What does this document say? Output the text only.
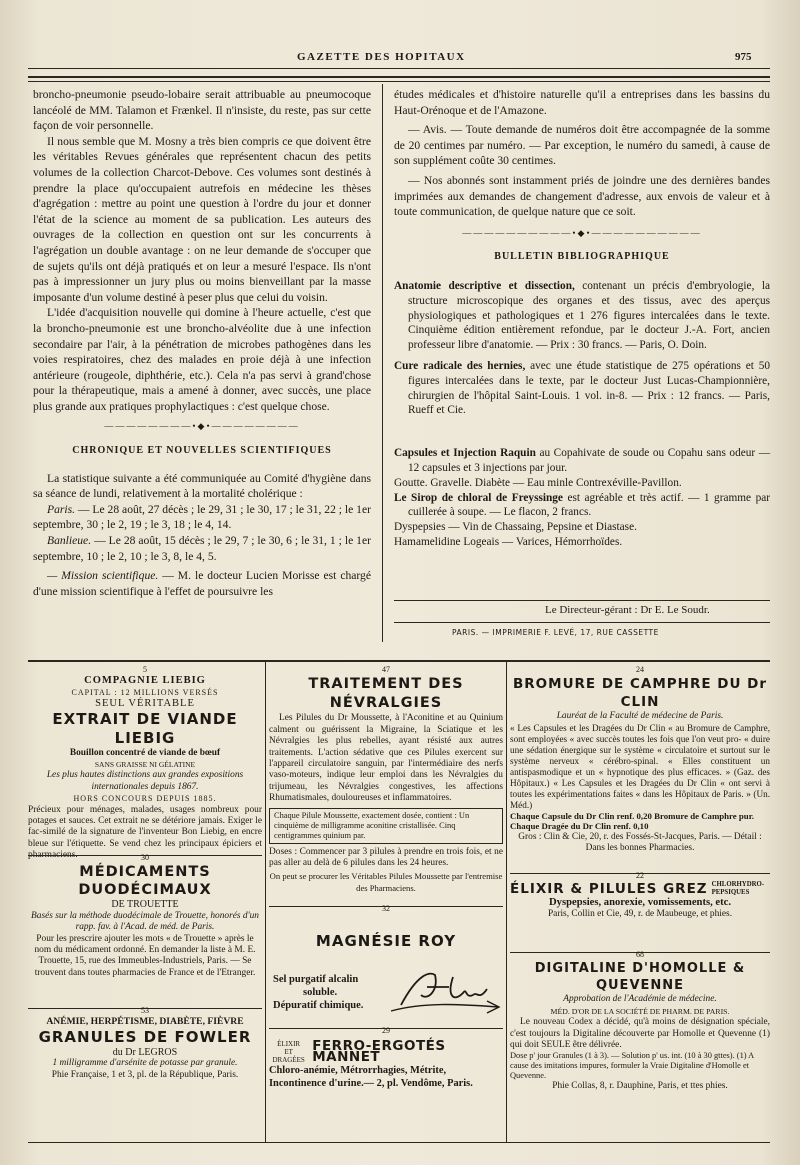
GAZETTE DES HOPITAUX	975

broncho-pneumonie pseudo-lobaire serait attribuable au pneumocoque lancéolé de MM. Talamon et Frænkel. Il n'insiste, du reste, pas sur cette façon de voir personnelle.

Il nous semble que M. Mosny a très bien compris ce que doivent être les véritables Revues générales que représentent chacun des petits volumes de la collection Charcot-Debove. Ces volumes sont destinés à prendre la place qu'occupaient autrefois en médecine les thèses d'agrégation : mettre au point une question à l'ordre du jour et donner l'état de la science au moment de sa publication. Les auteurs des ouvrages de la collection en question ont sur les concurrents à l'agrégation un double avantage : on ne leur demande de s'occuper que de sujets qu'ils ont déjà pratiqués et on leur a mesuré l'espace. Ils n'ont pas à impressionner un jury plus ou moins bienveillant par la masse imposante d'un volume destiné à peser plus que celui du voisin.

L'idée d'acquisition nouvelle qui domine à l'heure actuelle, c'est que la broncho-pneumonie est une broncho-alvéolite due à une infection secondaire par l'air, à la pénétration de microbes pathogènes dans les voies respiratoires, chez des malades en proie déjà à une infection antérieure (rougeole, diphthérie, etc.). Cela n'a pas servi à grand'chose pour la thérapeutique, mais a amené à donner, avec succès, une place plus grande aux pratiques prophylactiques : c'est quelque chose.

————————•◆•————————
CHRONIQUE ET NOUVELLES SCIENTIFIQUES

La statistique suivante a été communiquée au Comité d'hygiène dans sa séance de lundi, relativement à la mortalité cholérique :

Paris. — Le 28 août, 27 décès ; le 29, 31 ; le 30, 17 ; le 31, 22 ; le 1er septembre, 30 ; le 2, 19 ; le 3, 18 ; le 4, 14.

Banlieue. — Le 28 août, 15 décès ; le 29, 7 ; le 30, 6 ; le 31, 1 ; le 1er septembre, 10 ; le 2, 10 ; le 3, 8, le 4, 5.

— Mission scientifique. — M. le docteur Lucien Morisse est chargé d'une mission scientifique à l'effet de poursuivre les

études médicales et d'histoire naturelle qu'il a entreprises dans les bassins du Haut-Orénoque et de l'Amazone.

— Avis. — Toute demande de numéros doit être accompagnée de la somme de 20 centimes par numéro. — Par exception, le numéro du samedi, à cause de son supplément coûte 30 centimes.

— Nos abonnés sont instamment priés de joindre une des dernières bandes imprimées aux demandes de changement d'adresse, aux envois de valeur et à toute communication, de quelque nature que ce soit.

——————————•◆•——————————
BULLETIN BIBLIOGRAPHIQUE

Anatomie descriptive et dissection, contenant un précis d'embryologie, la structure microscopique des organes et des tissus, avec des aperçus physiologiques et pathologiques et 1 276 figures intercalées dans le texte. Cinquième édition entièrement refondue, par le docteur J.-A. Fort, ancien professeur libre d'anatomie. — Prix : 30 francs. — Paris, O. Doin.

Cure radicale des hernies, avec une étude statistique de 275 opérations et 50 figures intercalées dans le texte, par le docteur Just Lucas-Championnière, chirurgien de l'hôpital Saint-Louis. 1 vol. in-8. — Prix : 12 francs. — Paris, Rueff et Cie.

Capsules et Injection Raquin au Copahivate de soude ou Copahu sans odeur — 12 capsules et 3 injections par jour.

Goutte. Gravelle. Diabète — Eau minle Contrexéville-Pavillon.

Le Sirop de chloral de Freyssinge est agréable et très actif. — 1 gramme par cuillerée à soupe. — Le flacon, 2 francs.

Dyspepsies — Vin de Chassaing, Pepsine et Diastase.

Hamamelidine Logeais — Varices, Hémorrhoïdes.

Le Directeur-gérant : Dr E. Le Soudr.
PARIS. — IMPRIMERIE F. LEVÉ, 17, RUE CASSETTE
5
COMPAGNIE LIEBIG
CAPITAL : 12 MILLIONS VERSÉS
SEUL VÉRITABLE
EXTRAIT DE VIANDE LIEBIG
Bouillon concentré de viande de bœuf
SANS GRAISSE NI GÉLATINE
Les plus hautes distinctions aux grandes expositions internationales depuis 1867.
HORS CONCOURS DEPUIS 1885.
Précieux pour ménages, malades, usages nombreux pour potages et sauces. Cet extrait ne se détériore jamais. Exiger le fac-similé de la signature de l'inventeur Bon Liebig, en encre bleue sur l'étiquette. Se vend chez les principaux épiciers et pharmaciens.	30
MÉDICAMENTS DUODÉCIMAUX
DE TROUETTE
Basés sur la méthode duodécimale de Trouette, honorés d'un rapp. fav. à l'Acad. de méd. de Paris.
Pour les prescrire ajouter les mots « de Trouette » après le nom du médicament ordonné. En demander la liste à M. E. Trouette, 15, rue des Immeubles-Industriels, Paris. — Se trouvent dans toutes pharmacies de France et de l'Etranger.
53
ANÉMIE, HERPÉTISME, DIABÈTE, FIÈVRE
GRANULES DE FOWLER
du Dr LEGROS
1 milligramme d'arsénite de potasse par granule.
Phie Française, 1 et 3, pl. de la République, Paris.
47
TRAITEMENT DES NÉVRALGIES
Les Pilules du Dr Moussette, à l'Aconitine et au Quinium calment ou guérissent la Migraine, la Sciatique et les Névralgies les plus rebelles, ayant résisté aux autres traitements. L'action sédative que ces Pilules exercent sur l'appareil circulatoire sanguin, par l'intermédiaire des nerfs vaso-moteurs, indique leur emploi dans les Névralgies du trijumeau, les Névralgies congestives, les affections Rhumatismales, douloureuses et inflammatoires.
Chaque Pilule Moussette, exactement dosée, contient : Un cinquième de milligramme aconitine cristallisée. Cinq centigrammes quinium par.
Doses : Commencer par 3 pilules à prendre en trois fois, et ne pas aller au delà de 6 pilules dans les 24 heures.
On peut se procurer les Véritables Pilules Moussette par l'entremise des Pharmaciens.
32
MAGNÉSIE ROY
Sel purgatif alcalin
soluble.
Dépuratif chimique.
29
ÉLIXIR
ET DRAGÉES
FERRO-ERGOTÉS MANNET
Chloro-anémie, Métrorrhagies, Métrite, Incontinence d'urine.— 2, pl. Vendôme, Paris.
24
BROMURE DE CAMPHRE DU Dr CLIN
Lauréat de la Faculté de médecine de Paris.
« Les Capsules et les Dragées du Dr Clin « au Bromure de Camphre, sont employées « avec succès toutes les fois que l'on veut pro- « duire une sédation énergique sur le système « circulatoire et surtout sur le système nerveux « cérébro-spinal. « Elles constituent un antispasmodique et un « hypnotique des plus efficaces. » (Gaz. des Hôpitaux.) « Les Capsules et les Dragées du Dr Clin « ont servi à toutes les expérimentations faites « dans les Hôpitaux de Paris. » (Un. Méd.)
Chaque Capsule du Dr Clin renf. 0,20 Bromure de Camphre pur. Chaque Dragée du Dr Clin renf. 0,10
Gros : Clin & Cie, 20, r. des Fossés-St-Jacques, Paris. — Détail : Dans les bonnes Pharmacies.
22
ÉLIXIR & PILULES GREZ CHLORHYDRO-PEPSIQUES
Dyspepsies, anorexie, vomissements, etc.
Paris, Collin et Cie, 49, r. de Maubeuge, et phies.
68
DIGITALINE D'HOMOLLE & QUEVENNE
Approbation de l'Académie de médecine.
MÉD. D'OR DE LA SOCIÉTÉ DE PHARM. DE PARIS.
Le nouveau Codex a décidé, qu'à moins de désignation spéciale, c'est toujours la Digitaline découverte par Homolle et Quevenne (1) qui doit SEULE être délivrée.
Dose p' jour Granules (1 à 3). — Solution p' us. int. (10 à 30 gttes). (1) A cause des imitations impures, formuler la Vraie Digitaline d'Homolle et Quevenne.
Phie Collas, 8, r. Dauphine, Paris, et ttes phies.
